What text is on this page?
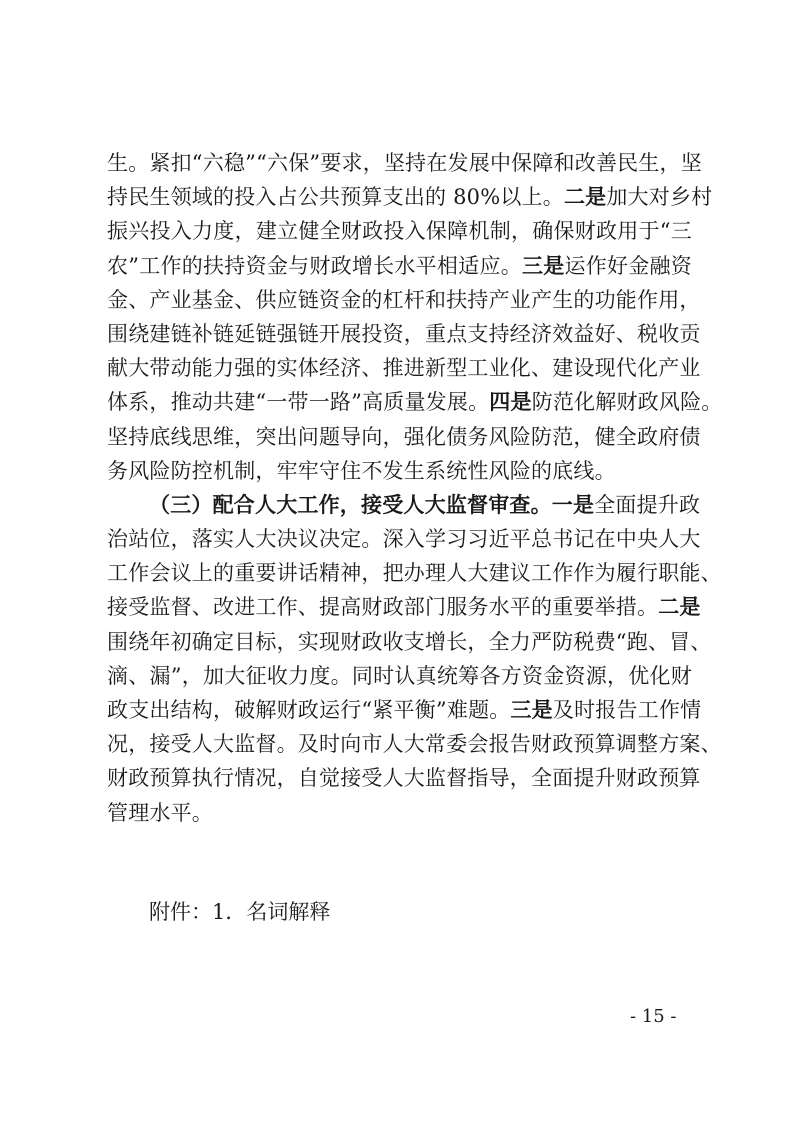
生。紧扣“六稳”“六保”要求，坚持在发展中保障和改善民生，坚
持民生领域的投入占公共预算支出的 80%以上。二是加大对乡村
振兴投入力度，建立健全财政投入保障机制，确保财政用于“三
农”工作的扶持资金与财政增长水平相适应。三是运作好金融资
金、产业基金、供应链资金的杠杆和扶持产业产生的功能作用，
围绕建链补链延链强链开展投资，重点支持经济效益好、税收贡
献大带动能力强的实体经济、推进新型工业化、建设现代化产业
体系，推动共建“一带一路”高质量发展。四是防范化解财政风险。
坚持底线思维，突出问题导向，强化债务风险防范，健全政府债
务风险防控机制，牢牢守住不发生系统性风险的底线。
（三）配合人大工作，接受人大监督审查。一是全面提升政
治站位，落实人大决议决定。深入学习习近平总书记在中央人大
工作会议上的重要讲话精神，把办理人大建议工作作为履行职能、
接受监督、改进工作、提高财政部门服务水平的重要举措。二是
围绕年初确定目标，实现财政收支增长，全力严防税费“跑、冒、
滴、漏”，加大征收力度。同时认真统筹各方资金资源，优化财
政支出结构，破解财政运行“紧平衡”难题。三是及时报告工作情
况，接受人大监督。及时向市人大常委会报告财政预算调整方案、
财政预算执行情况，自觉接受人大监督指导，全面提升财政预算
管理水平。
附件：1．名词解释
- 15 -
